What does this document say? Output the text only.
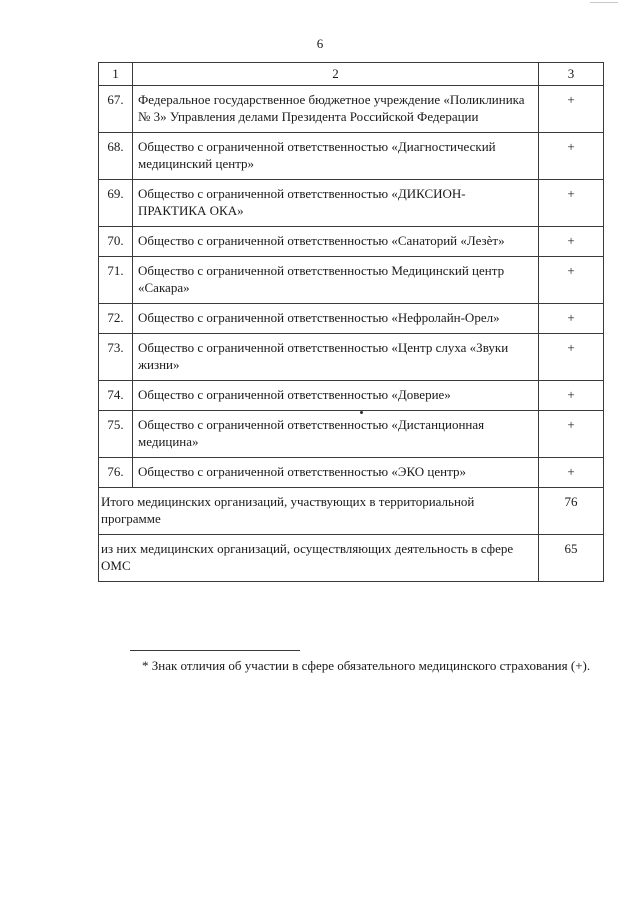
6
1	2	3
67.	Федеральное государственное бюджетное учреждение «Поликлиника № 3» Управления делами Президента Российской Федерации	+
68.	Общество с ограниченной ответственностью «Диагностический медицинский центр»	+
69.	Общество с ограниченной ответственностью «ДИКСИОН-ПРАКТИКА ОКА»	+
70.	Общество с ограниченной ответственностью «Санаторий «Лезѐт»	+
71.	Общество с ограниченной ответственностью Медицинский центр «Сакара»	+
72.	Общество с ограниченной ответственностью «Нефролайн-Орел»	+
73.	Общество с ограниченной ответственностью «Центр слуха «Звуки жизни»	+
74.	Общество с ограниченной ответственностью «Доверие»	+
75.	Общество с ограниченной ответственностью «Дистанционная медицина»	+
76.	Общество с ограниченной ответственностью «ЭКО центр»	+
Итого медицинских организаций, участвующих в территориальной программе		76
из них медицинских организаций, осуществляющих деятельность в сфере ОМС		65
* Знак отличия об участии в сфере обязательного медицинского страхования (+).
